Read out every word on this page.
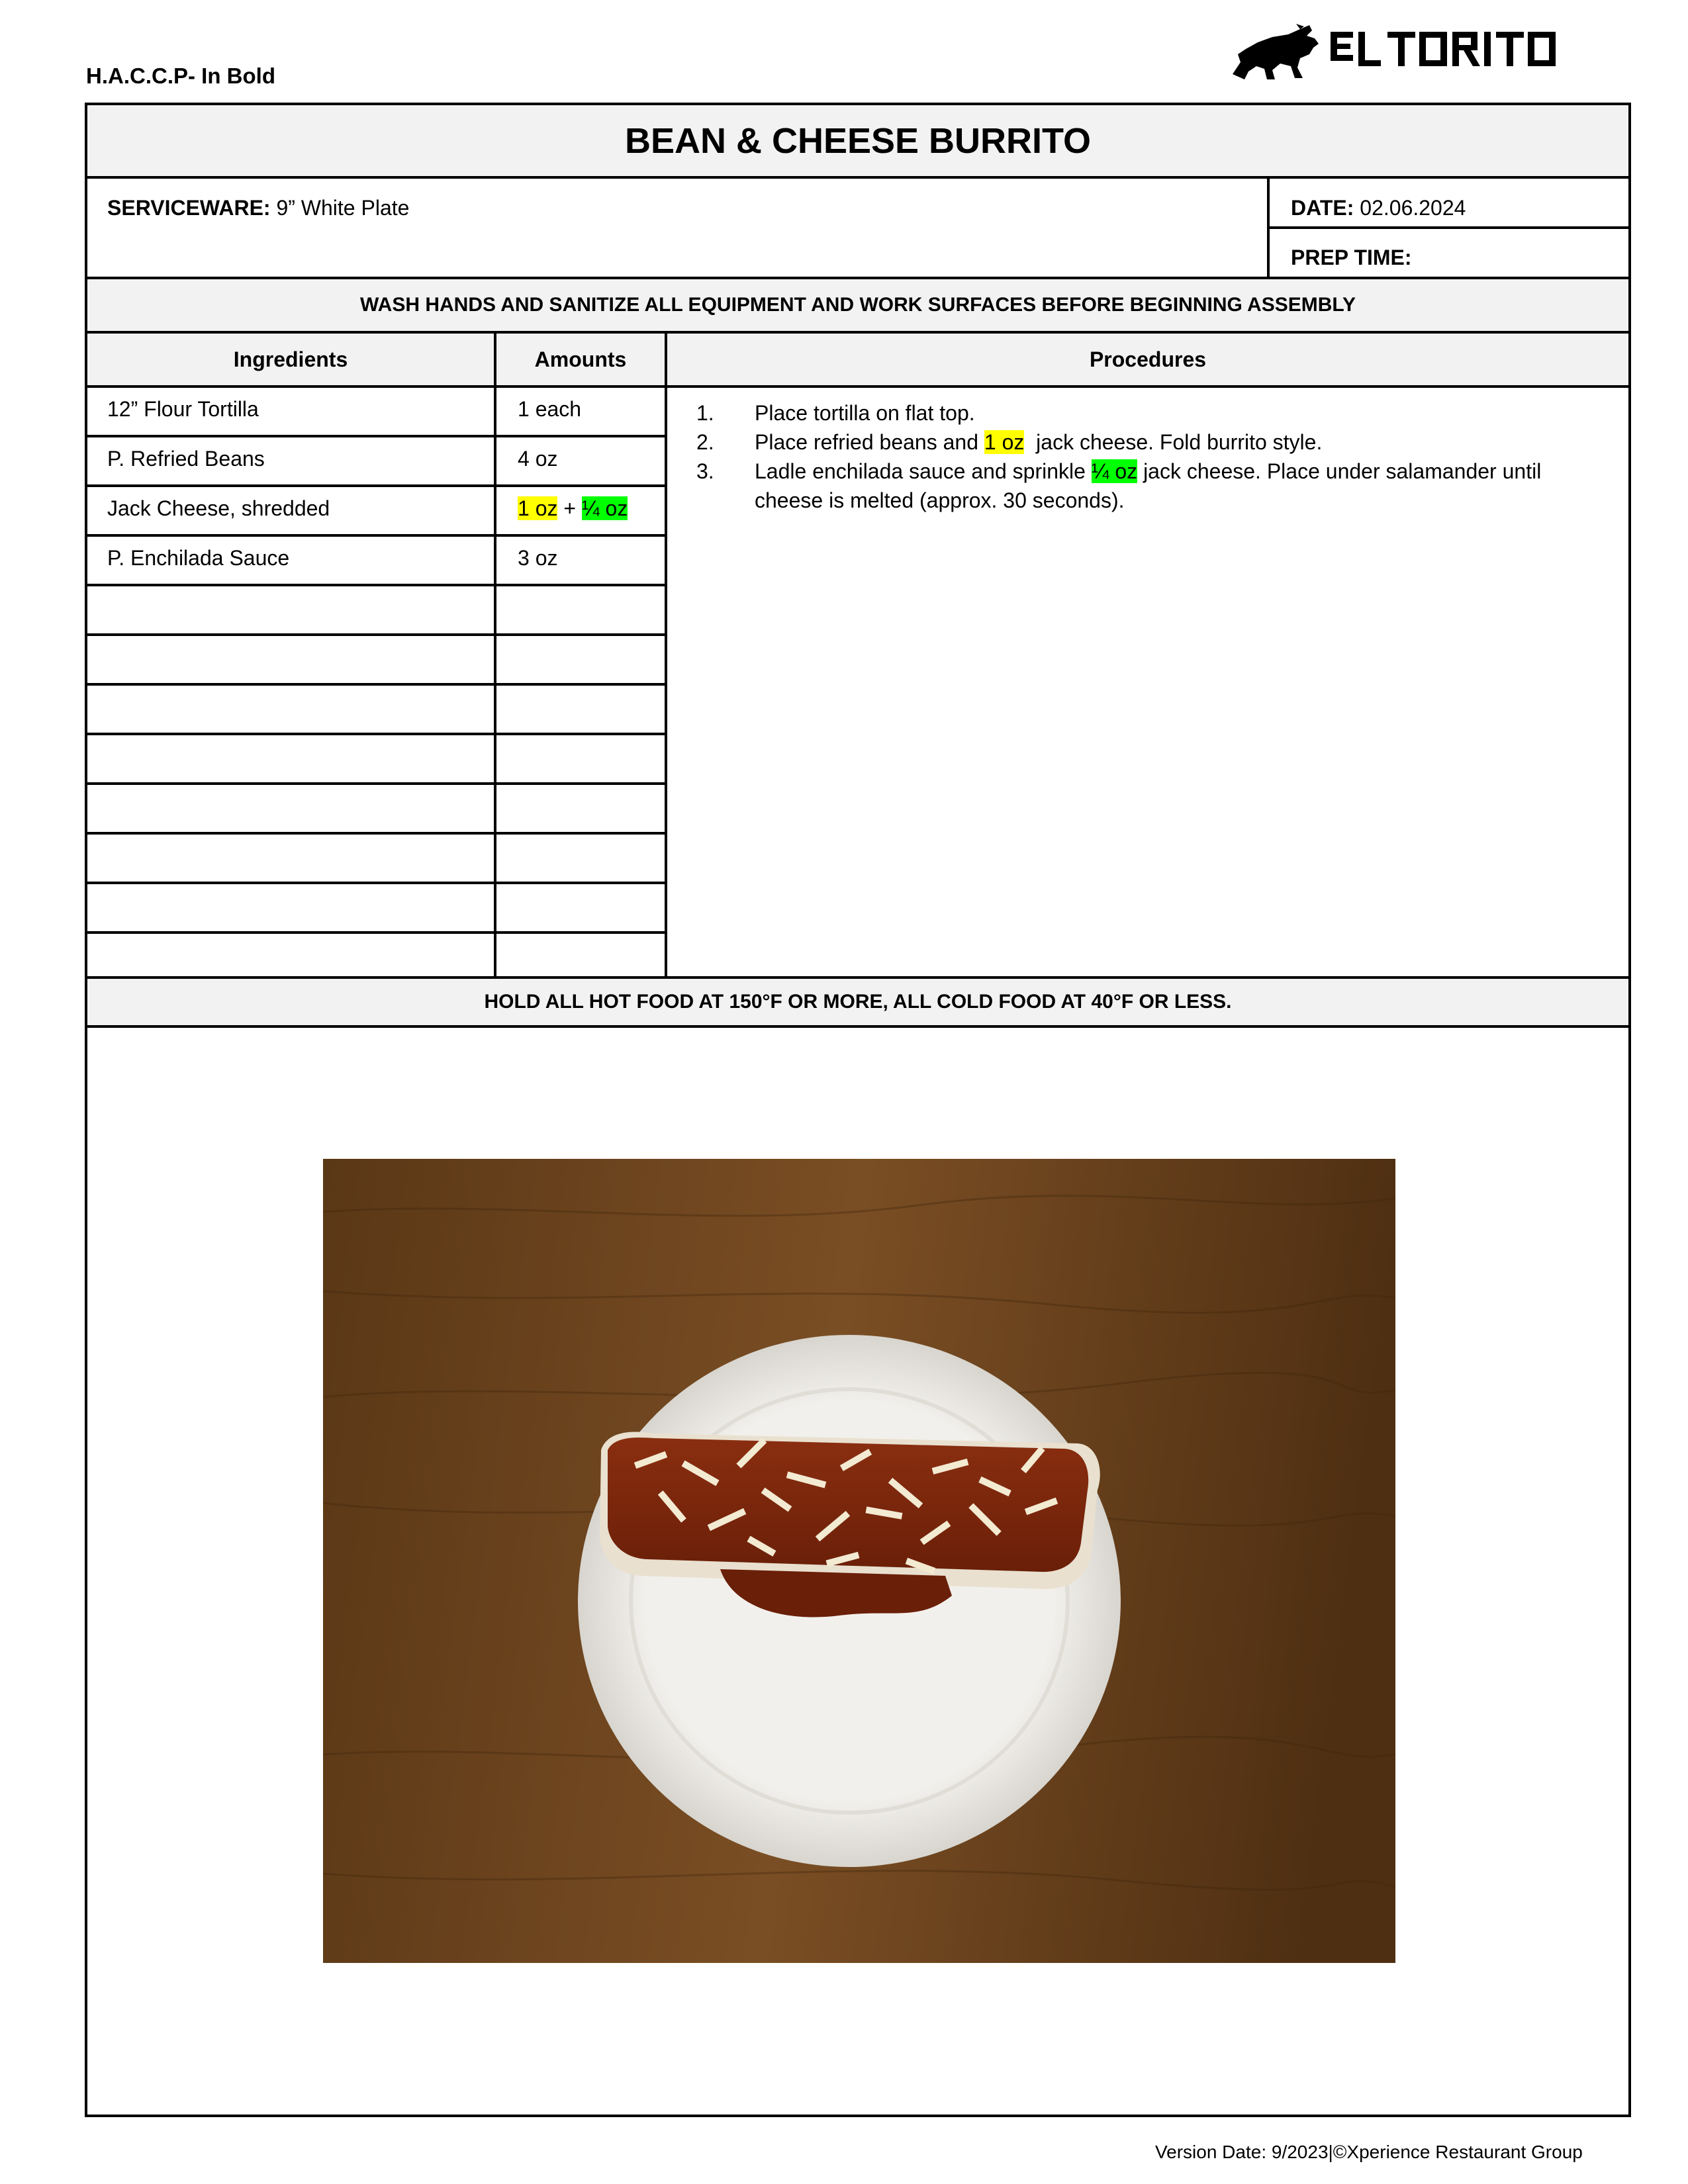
H.A.C.C.P- In Bold
BEAN & CHEESE BURRITO
SERVICEWARE: 9” White Plate	DATE: 02.06.2024
PREP TIME:
WASH HANDS AND SANITIZE ALL EQUIPMENT AND WORK SURFACES BEFORE BEGINNING ASSEMBLY
Ingredients	Amounts	Procedures
12” Flour Tortilla	1 each
P. Refried Beans	4 oz
Jack Cheese, shredded	1 oz + ¼ oz
P. Enchilada Sauce	3 oz
1.	Place tortilla on flat top.
2.	Place refried beans and 1 oz  jack cheese. Fold burrito style.
3.	Ladle enchilada sauce and sprinkle ¼ oz jack cheese. Place under salamander until cheese is melted (approx. 30 seconds).
HOLD ALL HOT FOOD AT 150°F OR MORE, ALL COLD FOOD AT 40°F OR LESS.
Version Date: 9/2023|©Xperience Restaurant Group
